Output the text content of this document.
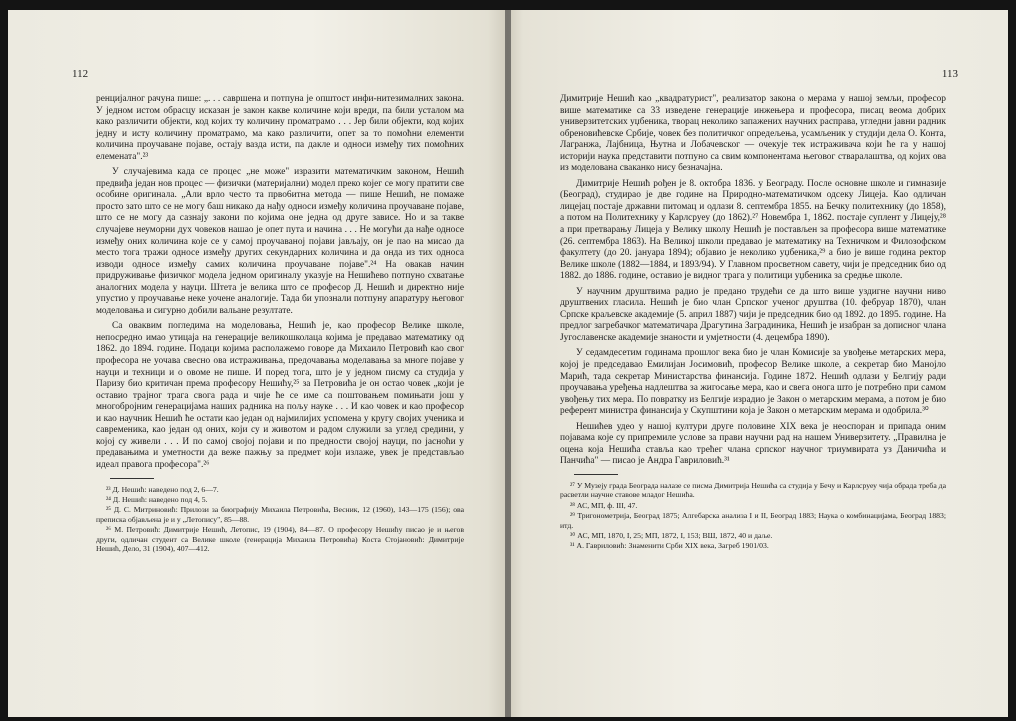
112

ренцијалног рачуна пише: „. . . савршена и потпуна је општост инфи-нитезималних закона. У једном истом обрасцу исказан је закон какве количине који вреди, па били усталом ма како различити објекти, код којих ту количину проматрамо . . . Јер били објекти, код којих једну и исту количину проматрамо, ма како различити, опет за то помоћни елементи количина проучаване појаве, остају вазда исти, па дакле и односи између тих помоћних елемената".²³

У случајевима када се процес „не може" изразити математичким законом, Нешић предвиђа један нов процес — физички (материјални) модел преко којег се могу пратити све особине оригинала. „Али врло често та прво6итна метода — пише Нешић, не помаже просто зато што се не могу баш никако да нађу односи између количина проучаване појаве, што се не могу да сазнају закони по којима оне једна од друге зависе. Но и за такве случајеве неуморни дух човеков нашао је опет пута и начина . . . Не могући да нађе односе између оних количина које се у самој проучаваној појави јављају, он је пао на мисао да место тога тражи односе између других секундарних количина и да онда из тих односа изводи односе између самих количина проучаване појаве".²⁴ На овакав начин придруживање физичког модела једном оригиналу указује на Нешићево потпуно схватање аналогних модела у науци. Штета је велика што се професор Д. Нешић и директно није упустио у проучавање неке уочене аналогије. Тада би упознали потпуну апаратуру његовог моделовања и сигурно добили вальане резултате.

Са оваквим погледима на моделовања, Нешић је, као професор Велике школе, непосредно имао утицаја на генерације великошколаца којима је предавао математику од 1862. до 1894. године. Подаци којима располажемо говоре да Михаило Петровић као свог професора не уочава свесно ова истраживања, предочавања моделавања за многе појаве у науци и техници и о овоме не пише. И поред тога, што је у једном писму са студија у Паризу био критичан према професору Нешићу,²⁵ за Петровића је он остао човек „који је оставио трајног трага свога рада и чије ће се име са поштовањем помињати још у многобројним генерацијама наших радника на пољу науке . . . И као човек и као професор и као научник Нешић ће остати као један од најмилијих успомена у кругу својих ученика и савременика, као један од оних, који су и животом и радом служили за углед средини, у којој су живели . . . И по самој својој појави и по предности својој науци, по јасноћи у предавањима и уметности да веже пажњу за предмет који излаже, увек је представљао идеал правога професора".²⁶

²³ Д. Нешић: наведено под 2, 6—7.
²⁴ Д. Нешић: наведено под 4, 5.
²⁵ Д. С. Митриновић: Прилози за биографију Михаила Петровића, Весник, 12 (1960), 143—175 (156); ова преписка објављена је и у „Летопису", 85—88.
²⁶ М. Петровић: Димитрије Нешић, Летопис, 19 (1904), 84—87. О професору Нешићу писао је и његов други, одличан студент са Велике школе (генерација Михаила Петровића) Коста Стојановић: Димитрије Нешић, Дело, 31 (1904), 407—412.
113

Димитрије Нешић као „квадратурист", реализатор закона о мерама у нашој земљи, професор више математике са 33 изведене генерације инжењера и професора, писац веома добрих универзитетских уџбеника, творац неколико запажених научних расправа, угледни јавни радник обреновићевске Србије, човек без политичког опредељења, усамљеник у студији дела О. Конта, Лагранжа, Лајбница, Њутна и Лобачевског — очекује тек истраживача који ће га у нашој историји наука представити потпуно са свим компонентама његовог стваралаштва, од којих ова из моделована сваканко нису безначајна.

Димитрије Нешић рођен је 8. октобра 1836. у Београду. После основне школе и гимназије (Београд), студирао је две године на Природно-математичком одсеку Лицеја. Као одличан лицејац постаје државни питомац и одлази 8. септембра 1855. на Бечку политехнику (до 1858), а потом на Политехнику у Карлсруеу (до 1862).²⁷ Новембра 1, 1862. постаје суплент у Лицеју,²⁸ а при претварању Лицеја у Велику школу Нешић је постављен за професора више математике (26. септембра 1863). На Великој школи предавао је математику на Техничком и Филозофском факултету (до 20. јануара 1894); објавио је неколико уџбеника,²⁹ а био је више година ректор Велике школе (1882—1884, и 1893/94). У Главном просветном савету, чији је председник био од 1882. до 1886. године, оставио је видног трага у политици уџбеника за средње школе.

У научним друштвима радио је предано трудећи се да што више уздигне научни ниво друштвених гласила. Нешић је био члан Српског ученог друштва (10. фебруар 1870), члан Српске краљевске академије (5. април 1887) чији је председник био од 1892. до 1895. године. На предлог загребачког математичара Драгутина Заградиника, Нешић је изабран за дописног члана Југославенске академије знаности и умјетности (4. децембра 1890).

У седамдесетим годинама прошлог века био је члан Комисије за увођење метарских мера, којој је председавао Емилијан Јосимовић, професор Велике школе, а секретар био Манојло Марић, тада секретар Министарства финансија. Године 1872. Нешић одлази у Белгију ради проучавања уређења надлештва за жигосање мера, као и свега онога што је потребно при самом увођењу тих мера. По повратку из Белгије израдио је Закон о метарским мерама, а потом је био референт министра финансија у Скупштини која је Закон о метарским мерама и одобрила.³⁰

Нешићев удео у нашој култури друге половине XIX века је неоспоран и припада оним појавама које су припремиле услове за прави научни рад на нашем Универзитету. „Правилна је оцена која Нешића ставља као трећег члана српског научног триумвирата уз Даничића и Панчића" — писао је Андра Гавриловић.³¹

²⁷ У Музеју града Београда налазе се писма Димитрија Нешића са студија у Бечу и Карлсруеу чија обрада треба да расветли научне ставове младог Нешића.
²⁸ АС, МП, ф. III, 47.
²⁹ Тригонометрија, Београд 1875; Алгебарска анализа I и II, Београд 1883; Наука о комбинацијама, Београд 1883; итд.
³⁰ АС, МП, 1870, I, 25; МП, 1872, I, 153; ВШ, 1872, 40 и даље.
³¹ А. Гавриловић: Знаменити Срби XIX века, Загреб 1901/03.
